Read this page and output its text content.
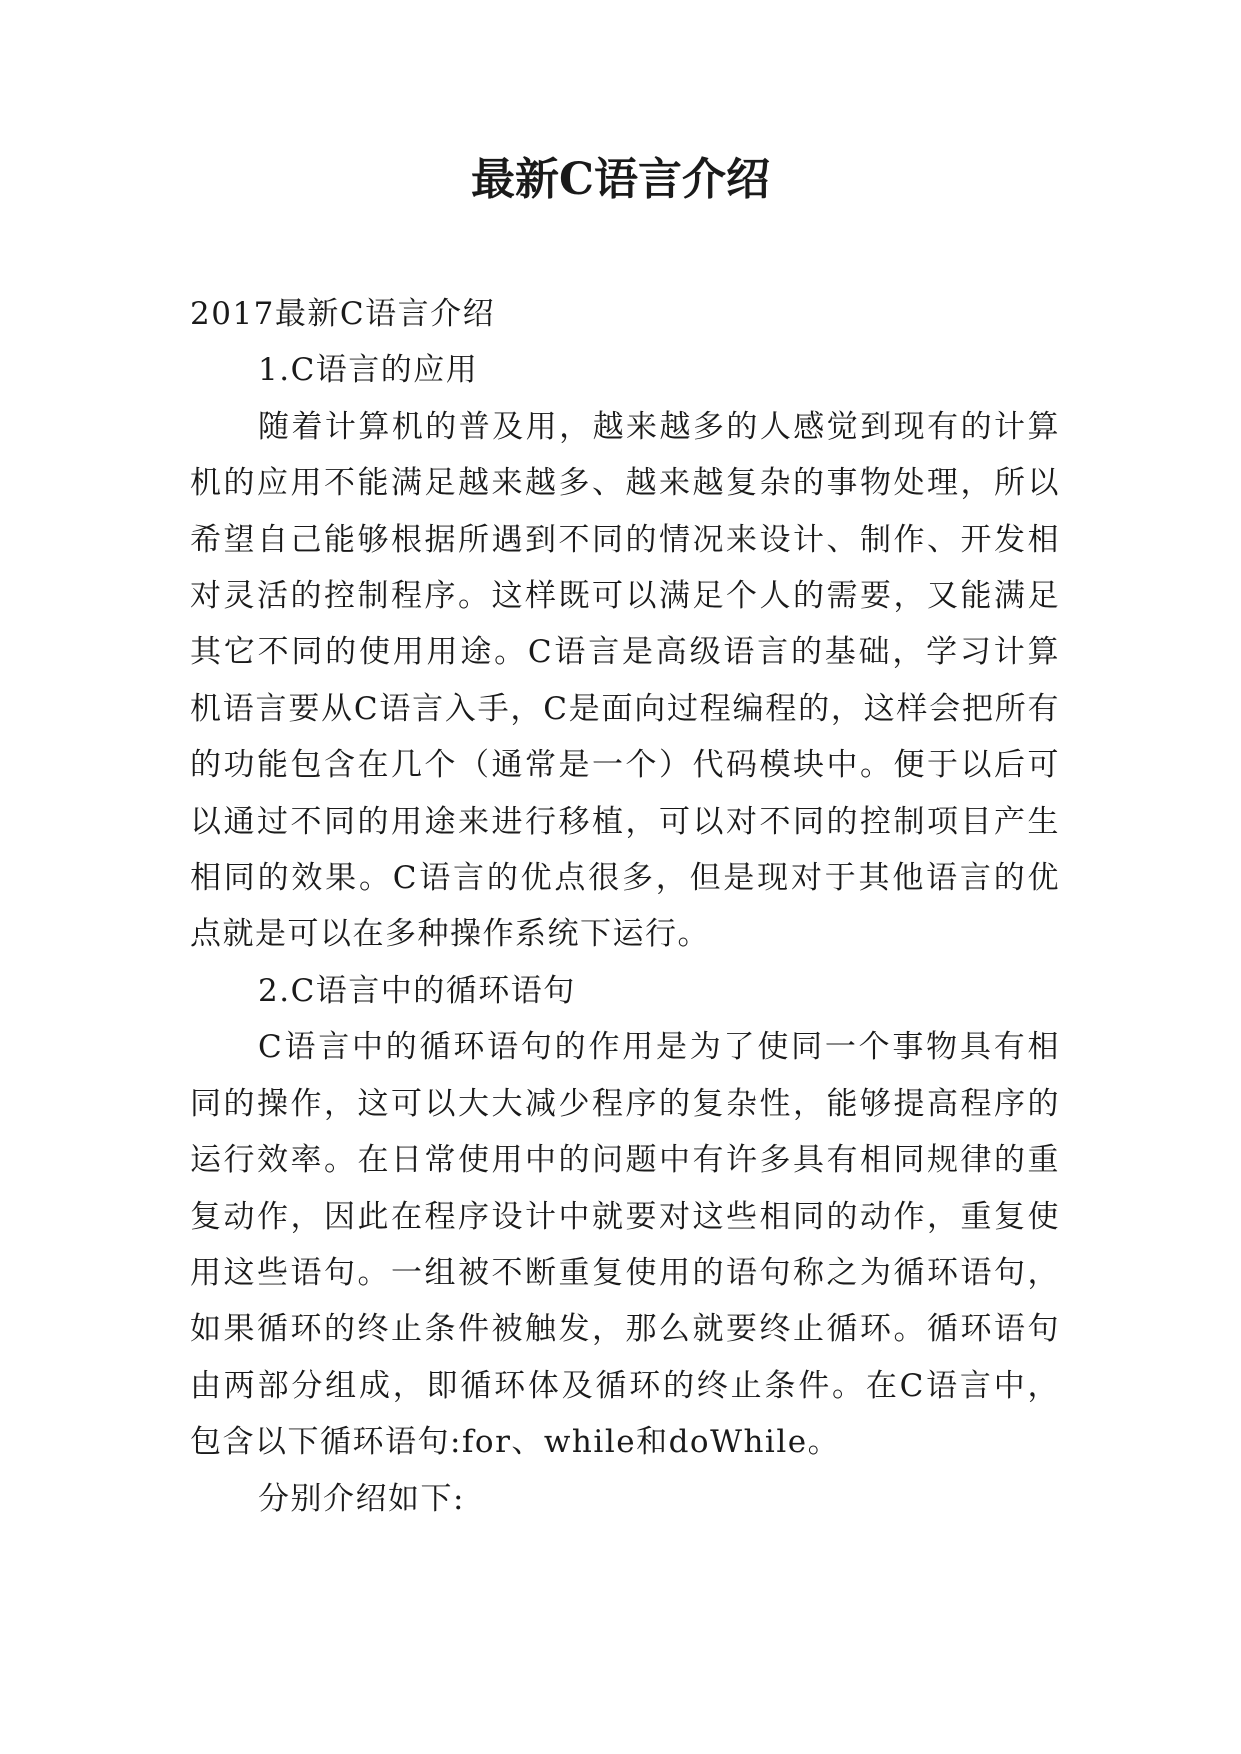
最新C语言介绍

2017最新C语言介绍

1.C语言的应用

随着计算机的普及用，越来越多的人感觉到现有的计算机的应用不能满足越来越多、越来越复杂的事物处理，所以希望自己能够根据所遇到不同的情况来设计、制作、开发相对灵活的控制程序。这样既可以满足个人的需要，又能满足其它不同的使用用途。C语言是高级语言的基础，学习计算机语言要从C语言入手，C是面向过程编程的，这样会把所有的功能包含在几个（通常是一个）代码模块中。便于以后可以通过不同的用途来进行移植，可以对不同的控制项目产生相同的效果。C语言的优点很多，但是现对于其他语言的优点就是可以在多种操作系统下运行。

2.C语言中的循环语句

C语言中的循环语句的作用是为了使同一个事物具有相同的操作，这可以大大减少程序的复杂性，能够提高程序的运行效率。在日常使用中的问题中有许多具有相同规律的重复动作，因此在程序设计中就要对这些相同的动作，重复使用这些语句。一组被不断重复使用的语句称之为循环语句，如果循环的终止条件被触发，那么就要终止循环。循环语句由两部分组成，即循环体及循环的终止条件。在C语言中，包含以下循环语句:for、while和doWhile。

分别介绍如下:
